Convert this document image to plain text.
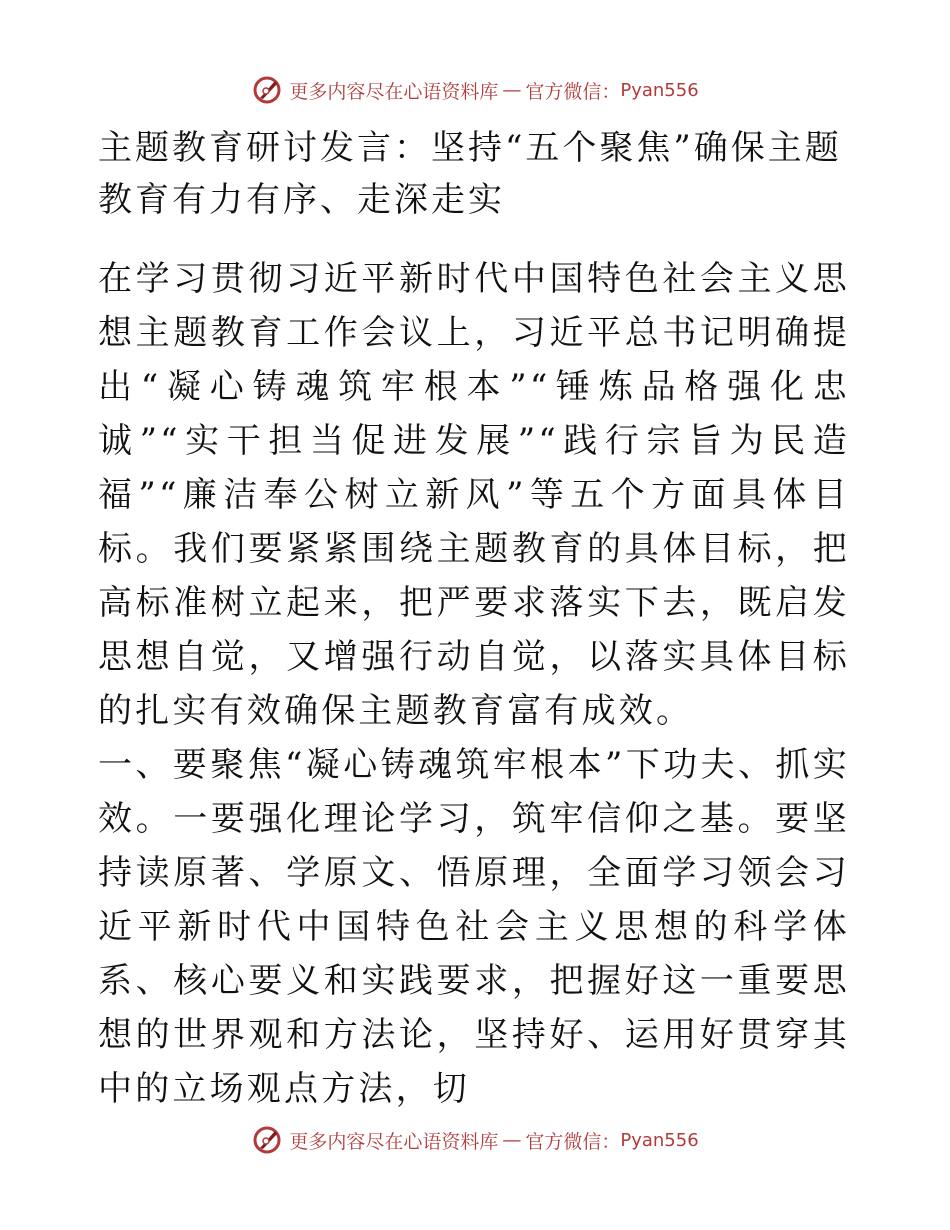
更多内容尽在心语资料库 — 官方微信： Pyan556
主题教育研讨发言：坚持“五个聚焦”确保主题教育有力有序、走深走实

在学习贯彻习近平新时代中国特色社会主义思想主题教育工作会议上，习近平总书记明确提出“凝心铸魂筑牢根本”“锤炼品格强化忠诚”“实干担当促进发展”“践行宗旨为民造福”“廉洁奉公树立新风”等五个方面具体目标。我们要紧紧围绕主题教育的具体目标，把高标准树立起来，把严要求落实下去，既启发思想自觉，又增强行动自觉，以落实具体目标的扎实有效确保主题教育富有成效。

一、要聚焦“凝心铸魂筑牢根本”下功夫、抓实效。一要强化理论学习，筑牢信仰之基。要坚持读原著、学原文、悟原理，全面学习领会习近平新时代中国特色社会主义思想的科学体系、核心要义和实践要求，把握好这一重要思想的世界观和方法论，坚持好、运用好贯穿其中的立场观点方法，切

更多内容尽在心语资料库 — 官方微信： Pyan556
